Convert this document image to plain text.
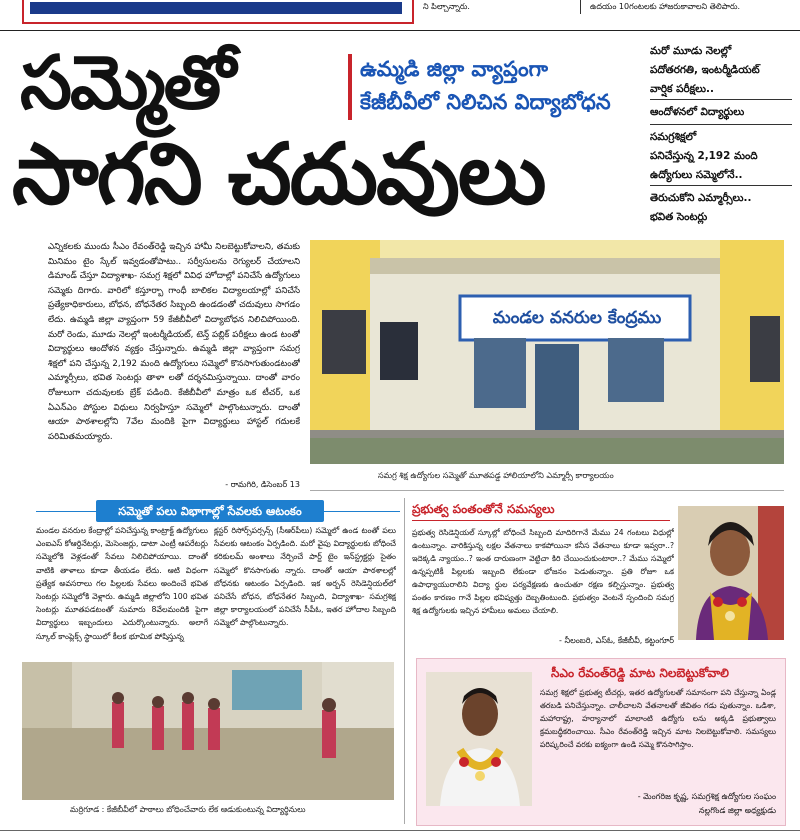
ని పిల్చాన్నారు.	ఉదయం 10గంటలకు హాజరుకావాలని తెలిపారు.
సమ్మెతో
సాగని చదువులు
ఉమ్మడి జిల్లా వ్యాప్తంగా
కేజీబీవీలో నిలిచిన విద్యాబోధన
మరో మూడు నెలల్లో
పదోతరగతి, ఇంటర్మీడియట్
వార్షిక పరీక్షలు..
ఆందోళనలో విద్యార్థులు
సమగ్రశిక్షలో
పనిచేస్తున్న 2,192 మంది
ఉద్యోగులు సమ్మెలోనే..
తెరుచుకోని ఎమ్మార్సీలు..
భవిత సెంటర్లు
ఎన్నికలకు ముందు సీఎం రేవంత్‌రెడ్డి ఇచ్చిన హామీ నిలబెట్టుకోవాలని, తమకు మినిమం టైం స్కేల్ ఇవ్వడంతోపాటు.. సర్వీసులను రెగ్యులర్ చేయాలని డిమాండ్ చేస్తూ విద్యాశాఖ- సమగ్ర శిక్షలో వివిధ హోదాల్లో పనిచేసే ఉద్యోగులు సమ్మెకు దిగారు. వారిలో కస్తూర్బా గాంధీ బాలికల విద్యాలయాల్లో పనిచేసే ప్రత్యేకాధికారులు, బోధన, బోధనేతర సిబ్బంది ఉండడంతో చదువులు సాగడం లేదు. ఉమ్మడి జిల్లా వ్యాప్తంగా 59 కేజీబీవీలో విద్యాబోధన నిలిచిపోయింది. మరో రెండు, మూడు నెలల్లో ఇంటర్మీడియట్, టెన్త్ పబ్లిక్ పరీక్షలు ఉండ టంతో విద్యార్థులు ఆందోళన వ్యక్తం చేస్తున్నారు. ఉమ్మడి జిల్లా వ్యాప్తంగా సమగ్ర శిక్షలో పని చేస్తున్న 2,192 మంది ఉద్యోగులు సమ్మెలో కొనసాగుతుండటంతో ఎమ్మార్సీలు, భవిత సెంటర్లు తాళా లతో దర్శనమిస్తున్నాయి. దాంతో వారం రోజులుగా చదువులకు బ్రేక్ పడింది. కేజీబీవీలో మాత్రం ఒక టీచర్, ఒక ఏఎన్ఎం పోస్టుల విధులు నిర్వహిస్తూ సమ్మెలో పాల్గొంటున్నారు. దాంతో ఆయా పాఠశాలల్లోని 7వేల మందికి పైగా విద్యార్థులు హాస్టల్ గదులకే పరిమితమయ్యారు.
- రామగిరి, డిసెంబర్ 13
మండల వనరుల కేంద్రము
సమగ్ర శిక్ష ఉద్యోగుల సమ్మెతో మూతపడ్డ హాలియాలోని ఎమ్మార్సీ కార్యాలయం
సమ్మెతో పలు విభాగాల్లో సేవలకు ఆటంకం
మండల వనరుల కేంద్రాల్లో పనిచేస్తున్న కాంట్రాక్ట్ ఉద్యోగులు ఎంఐఎస్ కోఆర్డినేటర్లు, మెసెంజర్లు, డాటా ఎంట్రీ ఆపరేటర్లు సమ్మెలోకి వెళ్లడంతో సేవలు నిలిచిపోయాయి. దాంతో వాటికి తాళాలు కూడా తీయడం లేదు. ఆటి విధంగా ప్రత్యేక అవసరాలు గల పిల్లలకు సేవలు అందించే భవిత సెంటర్లు సమ్మెలోకి వెళ్లారు. ఉమ్మడి జిల్లాలోని 100 భవిత సెంటర్లు మూతపడటంతో సుమారు 8వేలమందికి పైగా విద్యార్థులు ఇబ్బందులు ఎదుర్కొంటున్నారు. అలాగే స్కూల్ కాంప్లెక్స్ స్థాయిలో కీలక భూమిక పోషిస్తున్న
క్లస్టర్ రిసోర్స్‌పర్సన్స్ (సీఆర్‌పీలు) సమ్మెలో ఉండ టంతో పలు సేవలకు ఆటంకం ఏర్పడింది. మరో వైపు విద్యార్థులకు బోధించే కరికులమ్ అంశాలు నేర్పించే పార్ట్ టైం ఇన్‌స్ట్రక్టర్లు సైతం సమ్మెలో కొనసాగుతు న్నారు. దాంతో ఆయా పాఠశాలల్లో బోధనకు ఆటంకం ఏర్పడింది. ఇక అర్బన్ రెసిడెన్షియల్‌లో పనిచేసే బోధన, బోధనేతర సిబ్బంది, విద్యాశాఖ- సమగ్రశిక్ష జిల్లా కార్యాలయంలో పనిచేసే సీపీఓ, ఇతర హోదాల సిబ్బంది సమ్మెలో పాల్గొంటున్నారు.
మర్రిగూడ : కేజీబీవీలో పాఠాలు బోధించేవారు లేక ఆడుకుంటున్న విద్యార్థినులు
ప్రభుత్వ పంతంతోనే సమస్యలు
ప్రభుత్వ రెసిడెన్షియల్ స్కూల్లో బోధించే సిబ్బంది మాదిరిగానే మేము 24 గంటలు విధుల్లో ఉంటున్నాం. వారికిస్తున్న లక్షల వేతనాలు కాకపోయినా కనీస వేతనాలు కూడా ఇవ్వరా..? ఇదెక్కడి న్యాయం..? ఇంత దారుణంగా వెట్టిచా కిరి చేయించుకుంటారా..? మేము సమ్మెలో ఉన్నప్పటికీ పిల్లలకు ఇబ్బంది లేకుండా భోజనం పెడుతున్నాం. ప్రతి రోజూ ఒక ఉపాధ్యాయురాలిని విద్యా ర్థుల పర్యవేక్షణకు ఉంచుతూ రక్షణ కల్పిస్తున్నాం. ప్రభుత్వ పంతం కారణం గానే పిల్లల భవిష్యత్తు దెబ్బతింటుంది. ప్రభుత్వం వెంటనే స్పందించి సమగ్ర శిక్ష ఉద్యోగులకు ఇచ్చిన హామీలు అమలు చేయాలి.
- నీలంబరి, ఎస్ఓ, కేజీబీవీ, కట్టంగూర్
సీఎం రేవంత్‌రెడ్డి మాట నిలబెట్టుకోవాలి
సమగ్ర శిక్షలో ప్రభుత్వ టీచర్లు, ఇతర ఉద్యోగులతో సమానంగా పని చేస్తున్నా ఏండ్ల తరబడి పనిచేస్తున్నాం. చాలీచాలని వేతనాలతో జీవితం గడు పుతున్నాం. ఒడిశా, మహారాష్ట్ర, హర్యానాలో మాలాంటి ఉద్యోగు లను అక్కడి ప్రభుత్వాలు క్రమబద్ధీకరించాయి. సీఎం రేవంత్‌రెడ్డి ఇచ్చిన మాట నిలబెట్టుకోవాలి. సమస్యలు పరిష్కరించే వరకు ఐక్యంగా ఉండి సమ్మె కొనసాగిస్తాం.
- మెంగరిజ కృష్ణ, సమగ్రశిక్ష ఉద్యోగుల సంఘం
నల్లగొండ జిల్లా అధ్యక్షుడు
